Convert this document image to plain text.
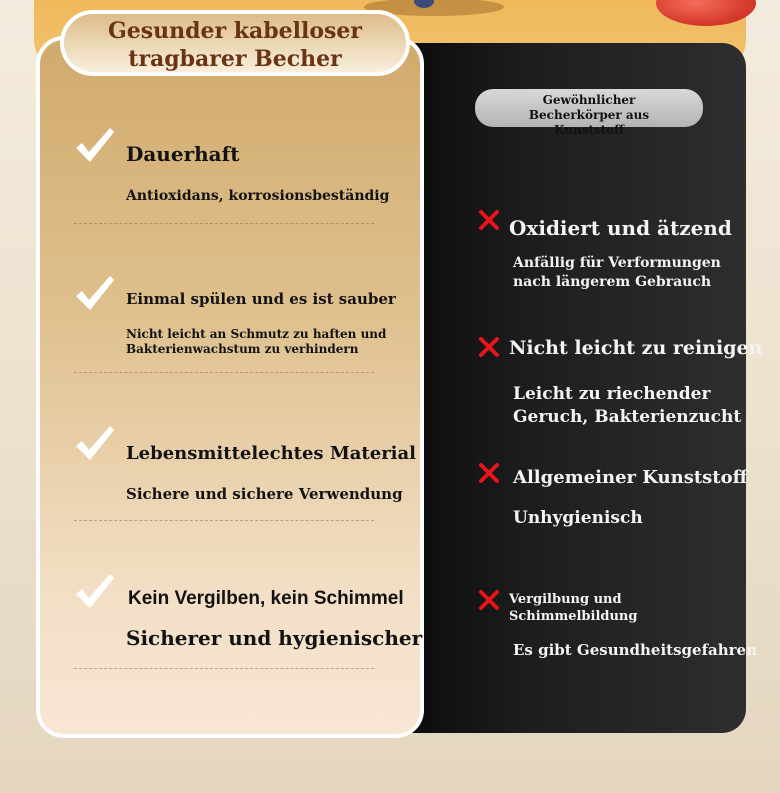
Gewöhnlicher
Becherkörper aus
Kunststoff
Gesunder kabelloser
tragbarer Becher
Dauerhaft
Antioxidans, korrosionsbeständig
Einmal spülen und es ist sauber
Nicht leicht an Schmutz zu haften und
Bakterienwachstum zu verhindern
Lebensmittelechtes Material
Sichere und sichere Verwendung
Kein Vergilben, kein Schimmel
Sicherer und hygienischer
Oxidiert und ätzend
Anfällig für Verformungen
nach längerem Gebrauch
Nicht leicht zu reinigen
Leicht zu riechender
Geruch, Bakterienzucht
Allgemeiner Kunststoff
Unhygienisch
Vergilbung und
Schimmelbildung
Es gibt Gesundheitsgefahren
